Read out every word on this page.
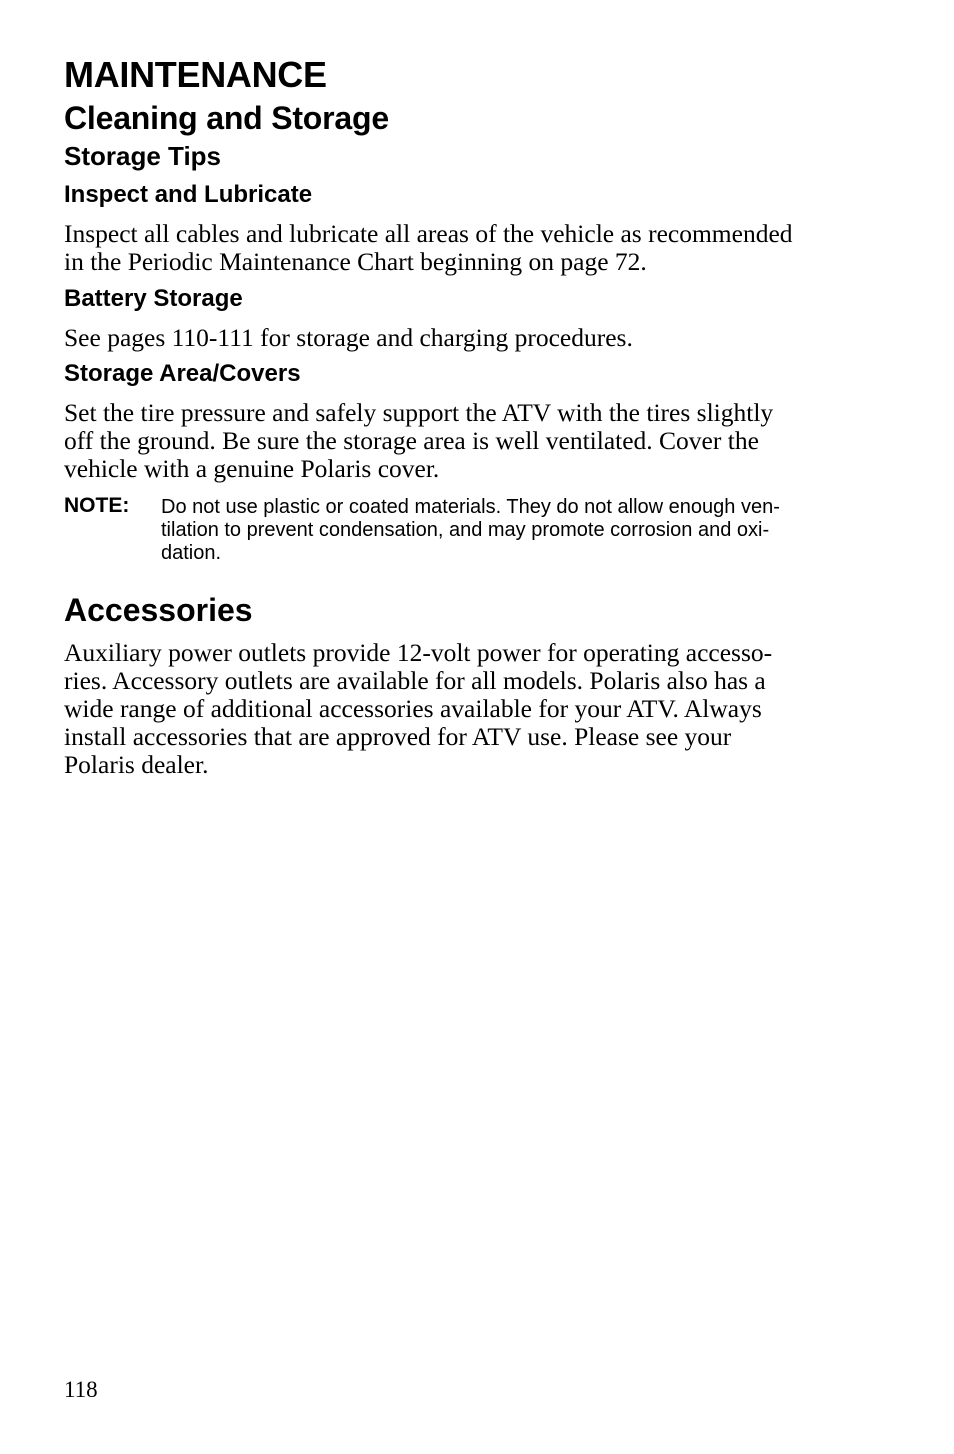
MAINTENANCE
Cleaning and Storage
Storage Tips
Inspect and Lubricate

Inspect all cables and lubricate all areas of the vehicle as recommended
in the Periodic Maintenance Chart beginning on page 72.

Battery Storage

See pages 110-111 for storage and charging procedures.

Storage Area/Covers

Set the tire pressure and safely support the ATV with the tires slightly
off the ground. Be sure the storage area is well ventilated. Cover the
vehicle with a genuine Polaris cover.

NOTE: Do not use plastic or coated materials. They do not allow enough ven-
tilation to prevent condensation, and may promote corrosion and oxi-
dation.
Accessories

Auxiliary power outlets provide 12-volt power for operating accesso-
ries. Accessory outlets are available for all models. Polaris also has a
wide range of additional accessories available for your ATV. Always
install accessories that are approved for ATV use. Please see your
Polaris dealer.

118
